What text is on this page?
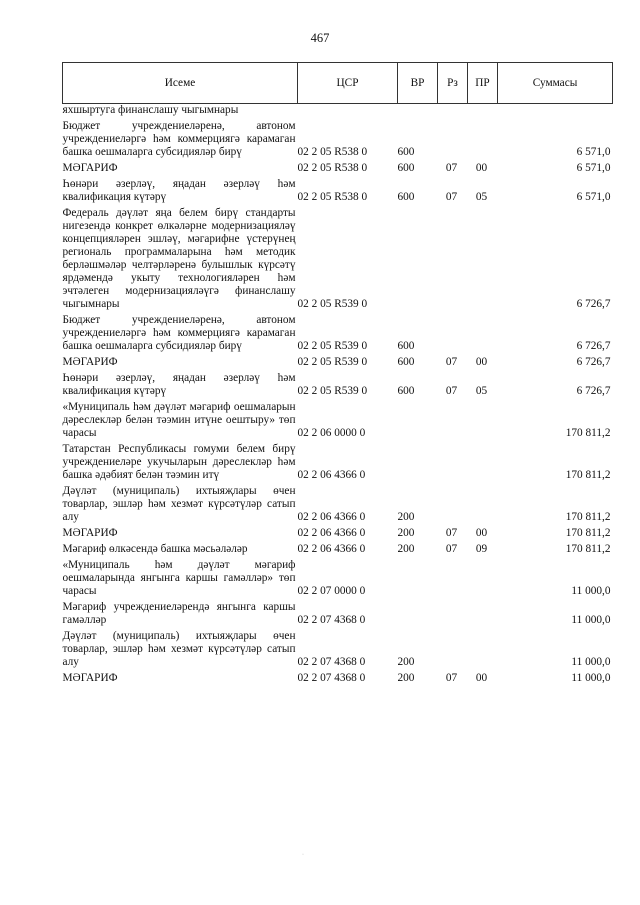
467
Исеме	ЦСР	ВР	Рз	ПР	Суммасы
яхшыртуга финанслашу чыгымнары					
Бюджет учреждениеләренә, автоном учреждениеләргә һәм коммерциягә карамаган башка оешмаларга субсидияләр бирү	02 2 05 R538 0	600			6 571,0
МӘГАРИФ	02 2 05 R538 0	600	07	00	6 571,0
Һөнәри әзерләү, яңадан әзерләү һәм квалификация күтәрү	02 2 05 R538 0	600	07	05	6 571,0
Федераль дәүләт яңа белем бирү стандарты нигезендә конкрет өлкәләрне модернизацияләү концепцияләрен эшләү, мәгарифне үстерүнең региональ программаларына һәм методик берләшмәләр челтәрләренә булышлык күрсәтү ярдәмендә укыту технологияләрен һәм эчтәлеген модернизацияләүгә финанслашу чыгымнары	02 2 05 R539 0				6 726,7
Бюджет учреждениеләренә, автоном учреждениеләргә һәм коммерциягә карамаган башка оешмаларга субсидияләр бирү	02 2 05 R539 0	600			6 726,7
МӘГАРИФ	02 2 05 R539 0	600	07	00	6 726,7
Һөнәри әзерләү, яңадан әзерләү һәм квалификация күтәрү	02 2 05 R539 0	600	07	05	6 726,7
«Муниципаль һәм дәүләт мәгариф оешмаларын дәреслекләр белән тәэмин итүне оештыру» төп чарасы	02 2 06 0000 0				170 811,2
Татарстан Республикасы гомуми белем бирү учреждениеләре укучыларын дәреслекләр һәм башка әдәбият белән тәэмин итү	02 2 06 4366 0				170 811,2
Дәүләт (муниципаль) ихтыяҗлары өчен товарлар, эшләр һәм хезмәт күрсәтүләр сатып алу	02 2 06 4366 0	200			170 811,2
МӘГАРИФ	02 2 06 4366 0	200	07	00	170 811,2
Мәгариф өлкәсендә башка мәсьәләләр	02 2 06 4366 0	200	07	09	170 811,2
«Муниципаль һәм дәүләт мәгариф оешмаларында янгынга каршы гамәлләр» төп чарасы	02 2 07 0000 0				11 000,0
Мәгариф учреждениеләрендә янгынга каршы гамәлләр	02 2 07 4368 0				11 000,0
Дәүләт (муниципаль) ихтыяҗлары өчен товарлар, эшләр һәм хезмәт күрсәтүләр сатып алу	02 2 07 4368 0	200			11 000,0
МӘГАРИФ	02 2 07 4368 0	200	07	00	11 000,0
·
